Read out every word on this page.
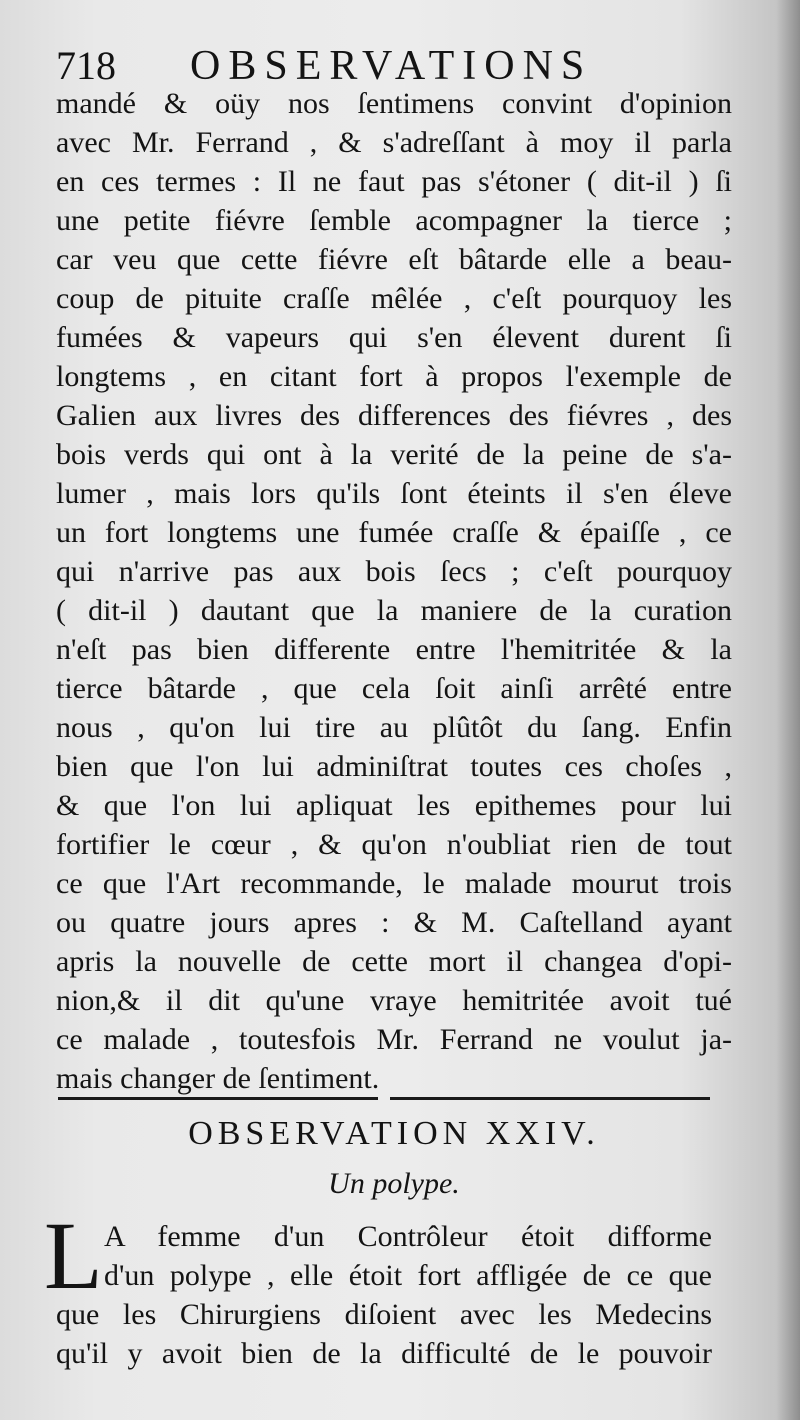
718 OBSERVATIONS
mandé & oüy nos ſentimens convint d'opinion
avec Mr. Ferrand , & s'adreſſant à moy il parla
en ces termes : Il ne faut pas s'étoner ( dit-il ) ſi
une petite fiévre ſemble acompagner la tierce ;
car veu que cette fiévre eſt bâtarde elle a beau-
coup de pituite craſſe mêlée , c'eſt pourquoy les
fumées & vapeurs qui s'en élevent durent ſi
longtems , en citant fort à propos l'exemple de
Galien aux livres des differences des fiévres , des
bois verds qui ont à la verité de la peine de s'a-
lumer , mais lors qu'ils ſont éteints il s'en éleve
un fort longtems une fumée craſſe & épaiſſe , ce
qui n'arrive pas aux bois ſecs ; c'eſt pourquoy
( dit-il ) dautant que la maniere de la curation
n'eſt pas bien differente entre l'hemitritée & la
tierce bâtarde , que cela ſoit ainſi arrêté entre
nous , qu'on lui tire au plûtôt du ſang. Enfin
bien que l'on lui adminiſtrat toutes ces choſes ,
& que l'on lui apliquat les epithemes pour lui
fortifier le cœur , & qu'on n'oubliat rien de tout
ce que l'Art recommande, le malade mourut trois
ou quatre jours apres : & M. Caſtelland ayant
apris la nouvelle de cette mort il changea d'opi-
nion,& il dit qu'une vraye hemitritée avoit tué
ce malade , toutesfois Mr. Ferrand ne voulut ja-
mais changer de ſentiment.
OBSERVATION XXIV.
Un polype.
L A femme d'un Contrôleur étoit difforme
d'un polype , elle étoit fort affligée de ce que
que les Chirurgiens diſoient avec les Medecins
qu'il y avoit bien de la difficulté de le pouvoir
